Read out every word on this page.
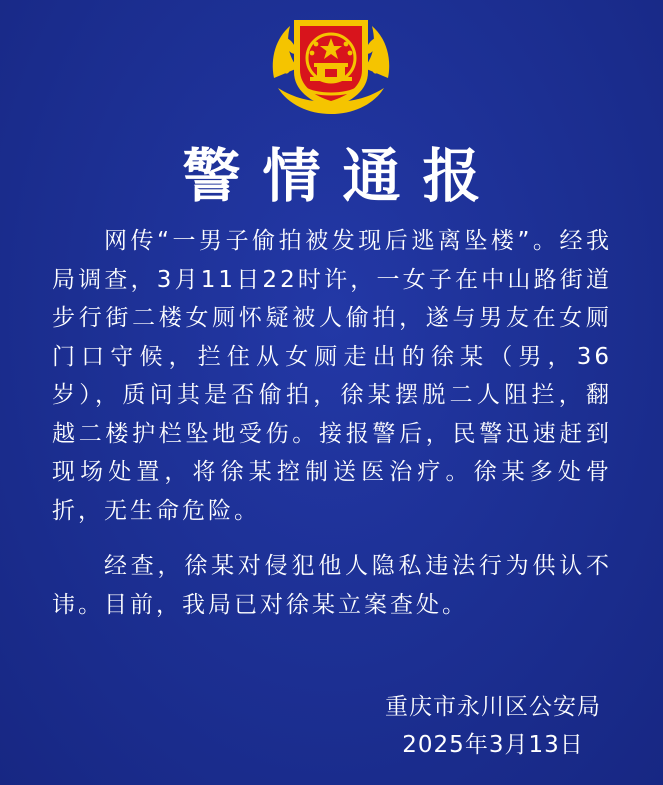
警情通报

网传“一男子偷拍被发现后逃离坠楼”。经我局调查，3月11日22时许，一女子在中山路街道步行街二楼女厕怀疑被人偷拍，遂与男友在女厕门口守候，拦住从女厕走出的徐某（男，36岁），质问其是否偷拍，徐某摆脱二人阻拦，翻越二楼护栏坠地受伤。接报警后，民警迅速赶到现场处置，将徐某控制送医治疗。徐某多处骨折，无生命危险。

经查，徐某对侵犯他人隐私违法行为供认不讳。目前，我局已对徐某立案查处。

重庆市永川区公安局
2025年3月13日
